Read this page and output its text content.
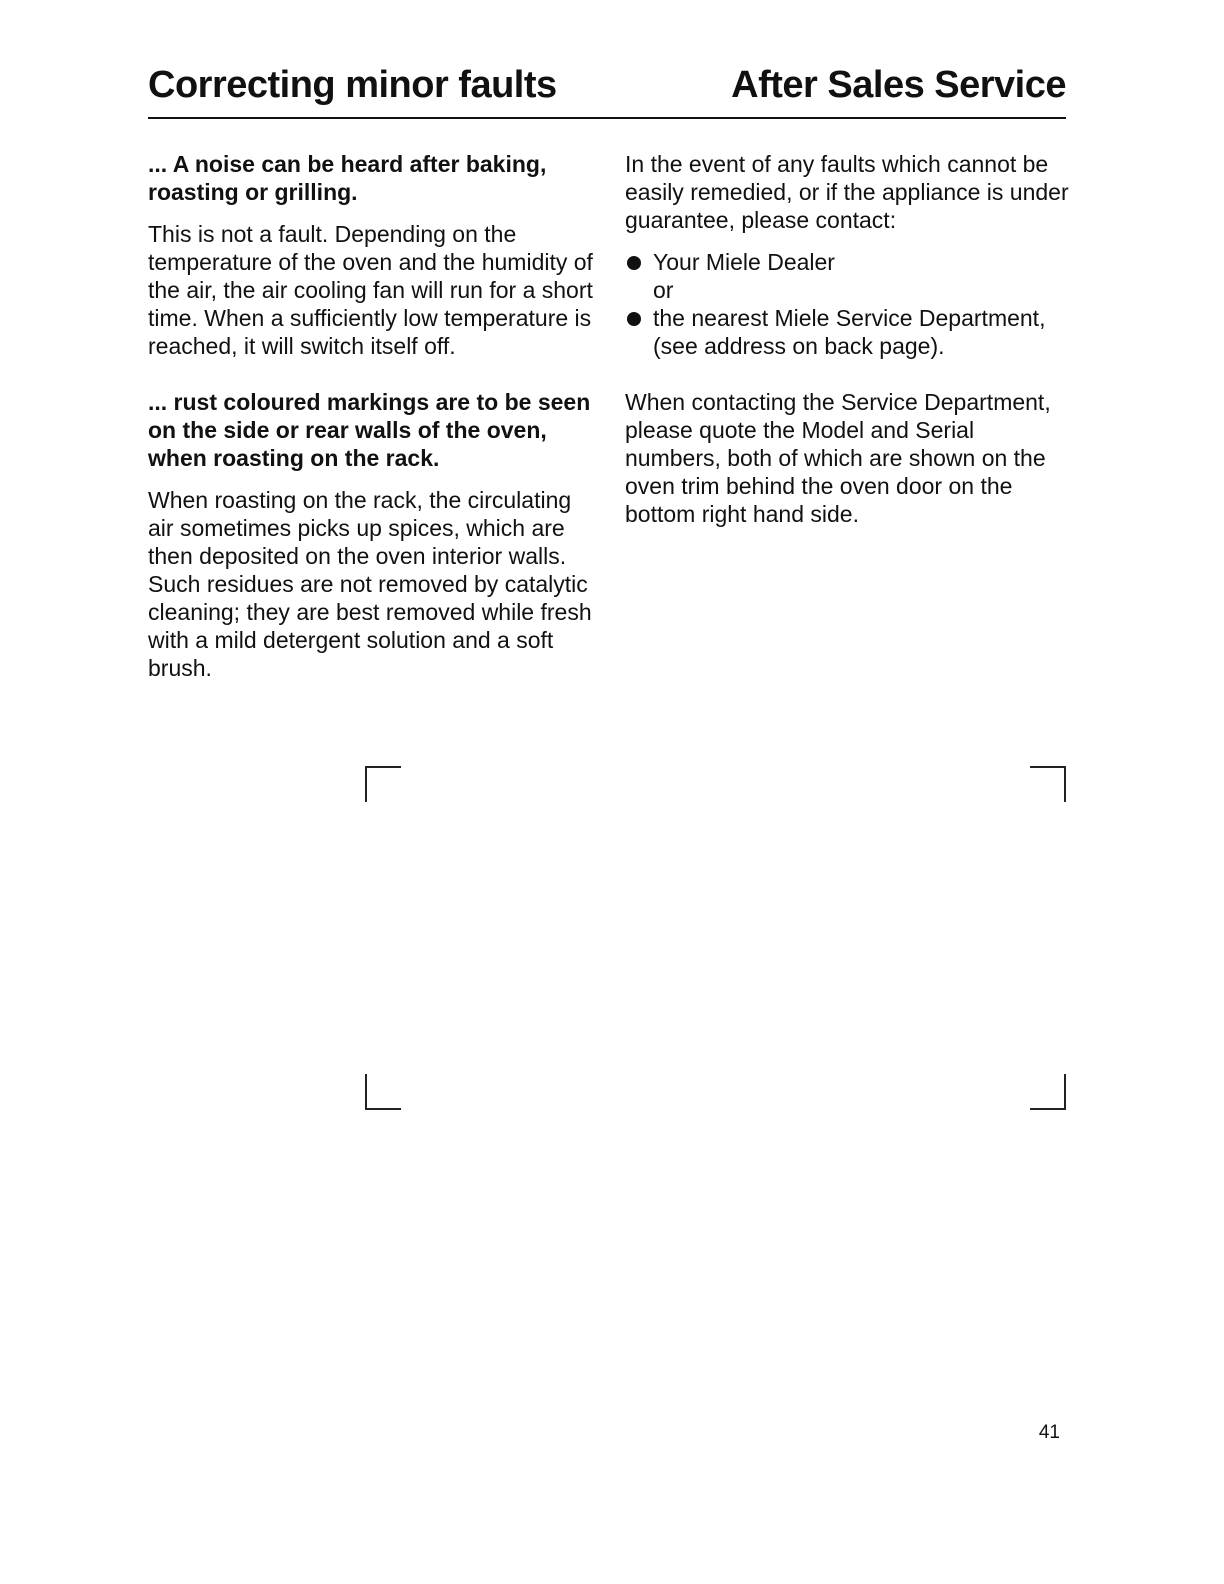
Correcting minor faults	After Sales Service

... A noise can be heard after baking, roasting or grilling.

This is not a fault. Depending on the temperature of the oven and the humidity of the air, the air cooling fan will run for a short time. When a sufficiently low temperature is reached, it will switch itself off.

... rust coloured markings are to be seen on the side or rear walls of the oven, when roasting on the rack.

When roasting on the rack, the circulating air sometimes picks up spices, which are then deposited on the oven interior walls. Such residues are not removed by catalytic cleaning; they are best removed while fresh with a mild detergent solution and a soft brush.

In the event of any faults which cannot be easily remedied, or if the appliance is under guarantee, please contact:

Your Miele Dealer
or
the nearest Miele Service Department, (see address on back page).

When contacting the Service Department, please quote the Model and Serial numbers, both of which are shown on the oven trim behind the oven door on the bottom right hand side.

41
